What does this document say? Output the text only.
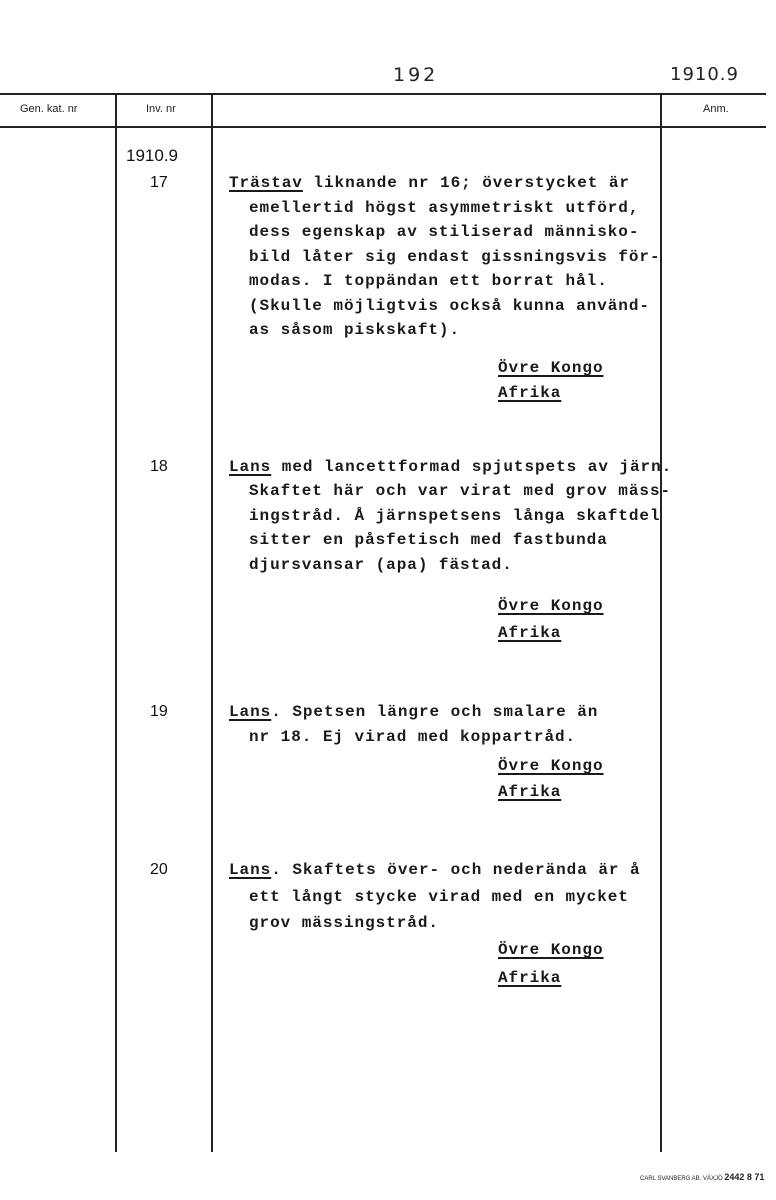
192	1910.9
Gen. kat. nr	Inv. nr	Anm.
1910.9
17	Trästav liknande nr 16; överstycket är
emellertid högst asymmetriskt utförd,
dess egenskap av stiliserad människo-
bild låter sig endast gissningsvis för-
modas. I toppändan ett borrat hål.
(Skulle möjligtvis också kunna använd-
as såsom piskskaft).
Övre Kongo
Afrika
18	Lans med lancettformad spjutspets av järn.
Skaftet här och var virat med grov mäss-
ingstråd. Å järnspetsens långa skaftdel
sitter en påsfetisch med fastbunda
djursvansar (apa) fästad.
Övre Kongo
Afrika
19	Lans. Spetsen längre och smalare än
nr 18. Ej virad med koppartråd.
Övre Kongo
Afrika
20	Lans. Skaftets över- och nederända är å
ett långt stycke virad med en mycket
grov mässingstråd.
Övre Kongo
Afrika
CARL SVANBERG AB. VÄXJÖ 2442 8 71
